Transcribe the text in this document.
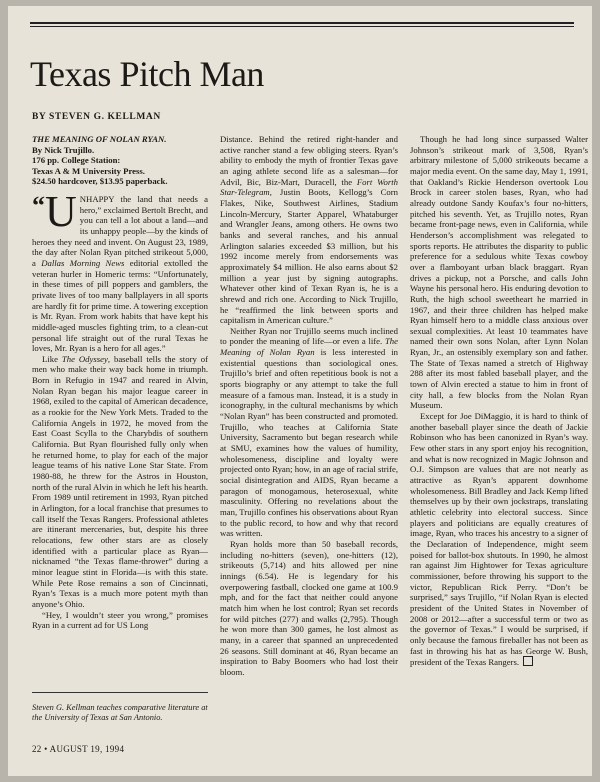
Texas Pitch Man
BY STEVEN G. KELLMAN
THE MEANING OF NOLAN RYAN.
By Nick Trujillo.
176 pp. College Station:
Texas A & M University Press.
$24.50 hardcover, $13.95 paperback.

“ U NHAPPY the land that needs a hero,” exclaimed Bertolt Brecht, and you can tell a lot about a land—and its unhappy people—by the kinds of heroes they need and invent. On August 23, 1989, the day after Nolan Ryan pitched strikeout 5,000, a Dallas Morning News editorial extolled the veteran hurler in Homeric terms: “Unfortunately, in these times of pill poppers and gamblers, the private lives of too many ballplayers in all sports are hardly fit for prime time. A towering exception is Mr. Ryan. From work habits that have kept his middle-aged muscles fighting trim, to a clean-cut personal life straight out of the rural Texas he loves, Mr. Ryan is a hero for all ages.”

Like The Odyssey, baseball tells the story of men who make their way back home in triumph. Born in Refugio in 1947 and reared in Alvin, Nolan Ryan began his major league career in 1968, exiled to the capital of American decadence, as a rookie for the New York Mets. Traded to the California Angels in 1972, he moved from the East Coast Scylla to the Charybdis of southern California. But Ryan flourished fully only when he returned home, to play for each of the major league teams of his native Lone Star State. From 1980-88, he threw for the Astros in Houston, north of the rural Alvin in which he left his hearth. From 1989 until retirement in 1993, Ryan pitched in Arlington, for a local franchise that presumes to call itself the Texas Rangers. Professional athletes are itinerant mercenaries, but, despite his three relocations, few other stars are as closely identified with a particular place as Ryan—nicknamed “the Texas flame-thrower” during a minor league stint in Florida—is with this state. While Pete Rose remains a son of Cincinnati, Ryan’s Texas is a much more potent myth than anyone’s Ohio.

“Hey, I wouldn’t steer you wrong,” promises Ryan in a current ad for US Long

Distance. Behind the retired right-hander and active rancher stand a few obliging steers. Ryan’s ability to embody the myth of frontier Texas gave an aging athlete second life as a salesman—for Advil, Bic, Biz-Mart, Duracell, the Fort Worth Star-Telegram, Justin Boots, Kellogg’s Corn Flakes, Nike, Southwest Airlines, Stadium Lincoln-Mercury, Starter Apparel, Whataburger and Wrangler Jeans, among others. He owns two banks and several ranches, and his annual Arlington salaries exceeded $3 million, but his 1992 income merely from endorsements was approximately $4 million. He also earns about $2 million a year just by signing autographs. Whatever other kind of Texan Ryan is, he is a shrewd and rich one. According to Nick Trujillo, he “reaffirmed the link between sports and capitalism in American culture.”

Neither Ryan nor Trujillo seems much inclined to ponder the meaning of life—or even a life. The Meaning of Nolan Ryan is less interested in existential questions than sociological ones. Trujillo’s brief and often repetitious book is not a sports biography or any attempt to take the full measure of a famous man. Instead, it is a study in iconography, in the cultural mechanisms by which “Nolan Ryan” has been constructed and promoted. Trujillo, who teaches at California State University, Sacramento but began research while at SMU, examines how the values of humility, wholesomeness, discipline and loyalty were projected onto Ryan; how, in an age of racial strife, social disintegration and AIDS, Ryan became a paragon of monogamous, heterosexual, white masculinity. Offering no revelations about the man, Trujillo confines his observations about Ryan to the public record, to how and why that record was written.

Ryan holds more than 50 baseball records, including no-hitters (seven), one-hitters (12), strikeouts (5,714) and hits allowed per nine innings (6.54). He is legendary for his overpowering fastball, clocked one game at 100.9 mph, and for the fact that neither could anyone match him when he lost control; Ryan set records for wild pitches (277) and walks (2,795). Though he won more than 300 games, he lost almost as many, in a career that spanned an unprecedented 26 seasons. Still dominant at 46, Ryan became an inspiration to Baby Boomers who had lost their bloom.

Though he had long since surpassed Walter Johnson’s strikeout mark of 3,508, Ryan’s arbitrary milestone of 5,000 strikeouts became a major media event. On the same day, May 1, 1991, that Oakland’s Rickie Henderson overtook Lou Brock in career stolen bases, Ryan, who had already outdone Sandy Koufax’s four no-hitters, pitched his seventh. Yet, as Trujillo notes, Ryan became front-page news, even in California, while Henderson’s accomplishment was relegated to sports reports. He attributes the disparity to public preference for a sedulous white Texas cowboy over a flamboyant urban black braggart. Ryan drives a pickup, not a Porsche, and calls John Wayne his personal hero. His enduring devotion to Ruth, the high school sweetheart he married in 1967, and their three children has helped make Ryan himself hero to a middle class anxious over sexual complexities. At least 10 teammates have named their own sons Nolan, after Lynn Nolan Ryan, Jr., an ostensibly exemplary son and father. The State of Texas named a stretch of Highway 288 after its most fabled baseball player, and the town of Alvin erected a statue to him in front of city hall, a few blocks from the Nolan Ryan Museum.

Except for Joe DiMaggio, it is hard to think of another baseball player since the death of Jackie Robinson who has been canonized in Ryan’s way. Few other stars in any sport enjoy his recognition, and what is now recognized in Magic Johnson and O.J. Simpson are values that are not nearly as attractive as Ryan’s apparent downhome wholesomeness. Bill Bradley and Jack Kemp lifted themselves up by their own jockstraps, translating athletic celebrity into electoral success. Since players and politicians are equally creatures of image, Ryan, who traces his ancestry to a signer of the Declaration of Independence, might seem poised for ballot-box shutouts. In 1990, he almost ran against Jim Hightower for Texas agriculture commissioner, before throwing his support to the victor, Republican Rick Perry. “Don’t be surprised,” says Trujillo, “if Nolan Ryan is elected president of the United States in November of 2008 or 2012—after a successful term or two as the governor of Texas.” I would be surprised, if only because the famous fireballer has not been as fast in throwing his hat as has George W. Bush, president of the Texas Rangers.

Steven G. Kellman teaches comparative literature at the University of Texas at San Antonio.
22 • AUGUST 19, 1994
